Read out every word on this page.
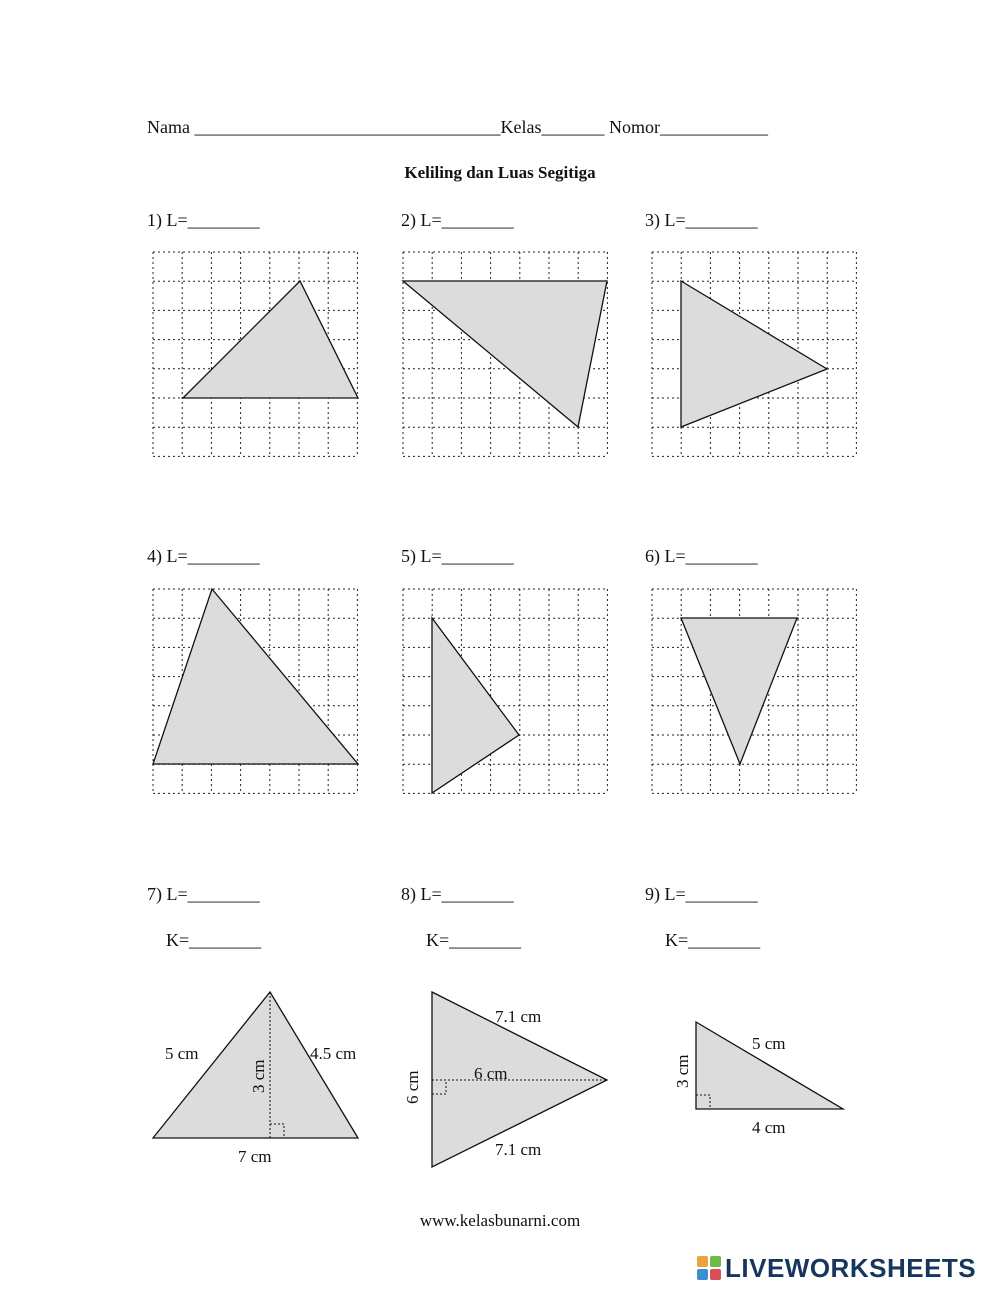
Nama __________________________________Kelas_______ Nomor____________
Keliling dan Luas Segitiga
1) L=________	2) L=________	3) L=________
4) L=________	5) L=________	6) L=________
7) L=________	8) L=________	9) L=________
K=________	K=________	K=________
5 cm	4.5 cm
3 cm
7 cm
7.1 cm
6 cm	6 cm
7.1 cm
3 cm
5 cm
4 cm
www.kelasbunarni.com
LIVEWORKSHEETS
